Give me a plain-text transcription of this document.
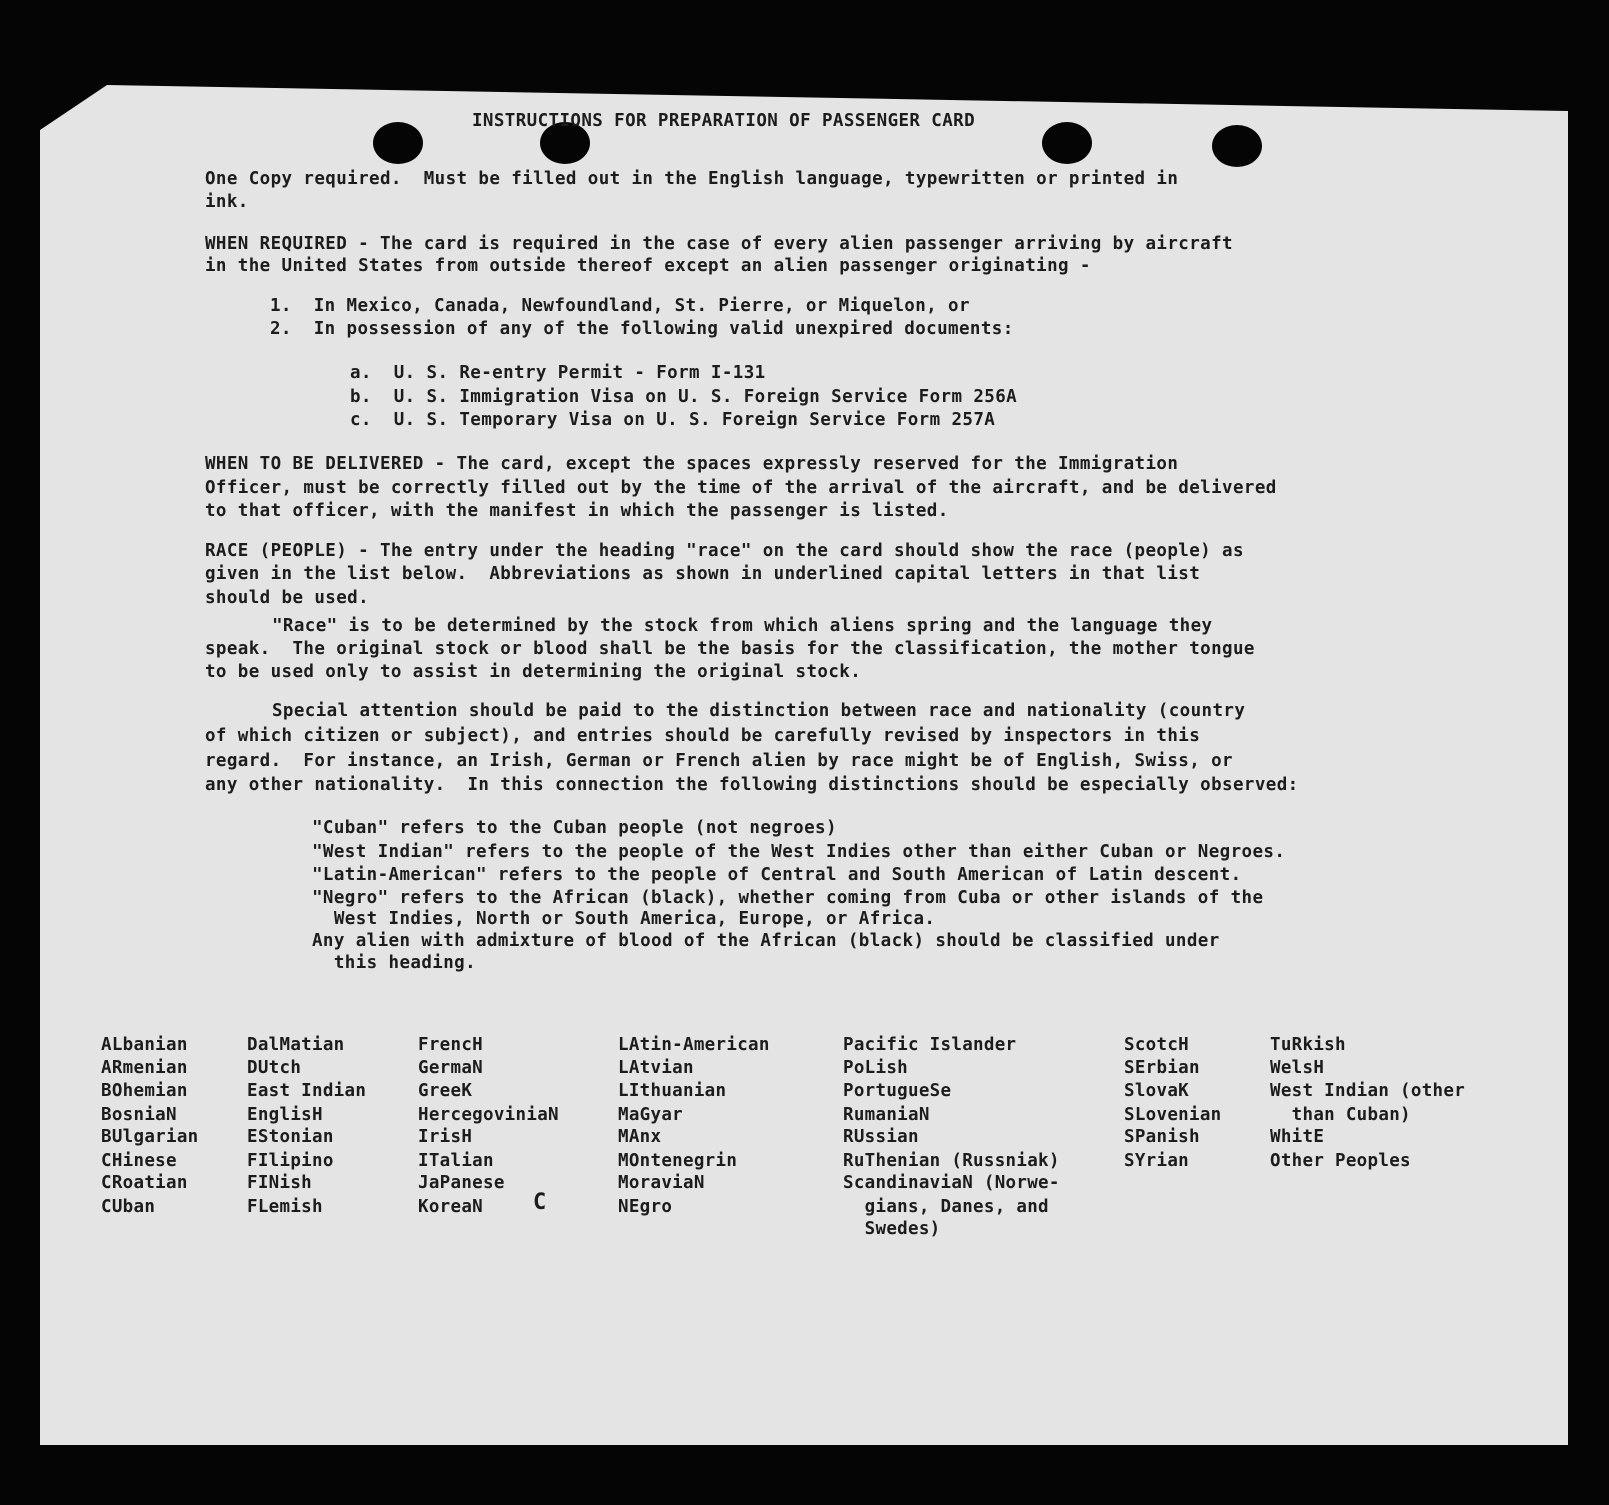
INSTRUCTIONS FOR PREPARATION OF PASSENGER CARD
One Copy required.  Must be filled out in the English language, typewritten or printed in
ink.
WHEN REQUIRED - The card is required in the case of every alien passenger arriving by aircraft
in the United States from outside thereof except an alien passenger originating -
1.  In Mexico, Canada, Newfoundland, St. Pierre, or Miquelon, or
2.  In possession of any of the following valid unexpired documents:
a.  U. S. Re-entry Permit - Form I-131
b.  U. S. Immigration Visa on U. S. Foreign Service Form 256A
c.  U. S. Temporary Visa on U. S. Foreign Service Form 257A
WHEN TO BE DELIVERED - The card, except the spaces expressly reserved for the Immigration
Officer, must be correctly filled out by the time of the arrival of the aircraft, and be delivered
to that officer, with the manifest in which the passenger is listed.
RACE (PEOPLE) - The entry under the heading "race" on the card should show the race (people) as
given in the list below.  Abbreviations as shown in underlined capital letters in that list
should be used.
"Race" is to be determined by the stock from which aliens spring and the language they
speak.  The original stock or blood shall be the basis for the classification, the mother tongue
to be used only to assist in determining the original stock.
Special attention should be paid to the distinction between race and nationality (country
of which citizen or subject), and entries should be carefully revised by inspectors in this
regard.  For instance, an Irish, German or French alien by race might be of English, Swiss, or
any other nationality.  In this connection the following distinctions should be especially observed:
"Cuban" refers to the Cuban people (not negroes)
"West Indian" refers to the people of the West Indies other than either Cuban or Negroes.
"Latin-American" refers to the people of Central and South American of Latin descent.
"Negro" refers to the African (black), whether coming from Cuba or other islands of the
West Indies, North or South America, Europe, or Africa.
Any alien with admixture of blood of the African (black) should be classified under
this heading.
ALbanian
ARmenian
BOhemian
BosniaN
BUlgarian
CHinese
CRoatian
CUban
DalMatian
DUtch
East Indian
EnglisH
EStonian
FIlipino
FINish
FLemish
FrencH
GermaN
GreeK
HercegoviniaN
IrisH
ITalian
JaPanese
KoreaN
LAtin-American
LAtvian
LIthuanian
MaGyar
MAnx
MOntenegrin
MoraviaN
NEgro
Pacific Islander
PoLish
PortugueSe
RumaniaN
RUssian
RuThenian (Russniak)
ScandinaviaN (Norwe-
gians, Danes, and
Swedes)
ScotcH
SErbian
SlovaK
SLovenian
SPanish
SYrian
TuRkish
WelsH
West Indian (other
than Cuban)
WhitE
Other Peoples
C
